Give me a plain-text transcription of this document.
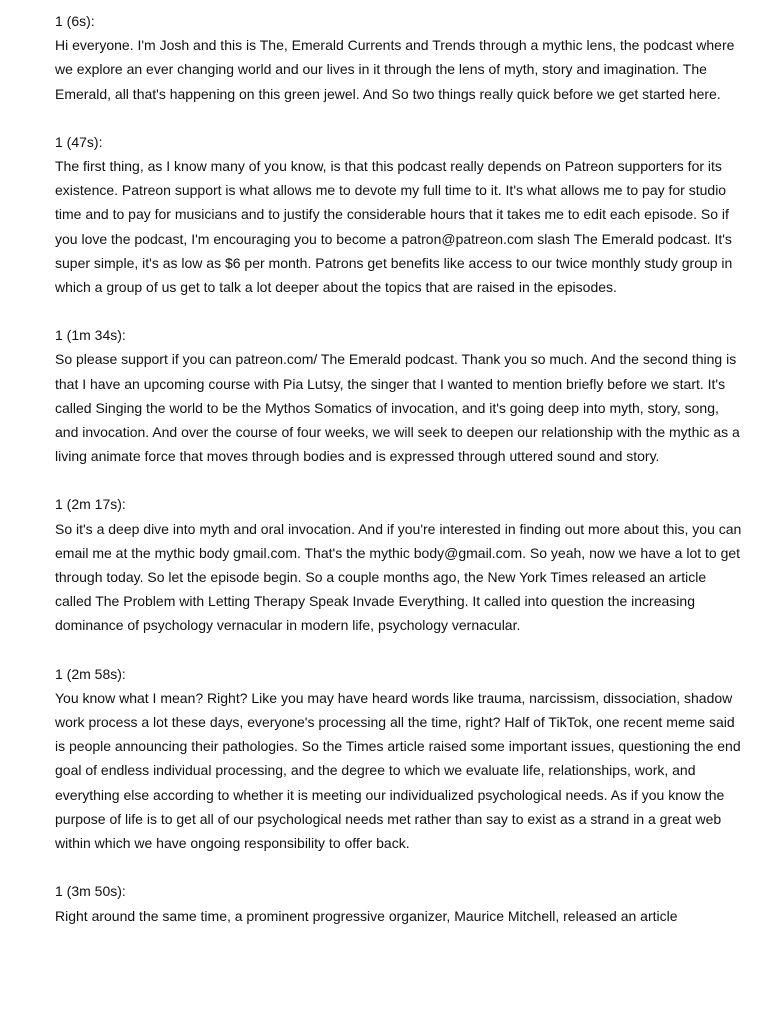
1 (6s):

Hi everyone. I'm Josh and this is The, Emerald Currents and Trends through a mythic lens, the podcast where we explore an ever changing world and our lives in it through the lens of myth, story and imagination. The Emerald, all that's happening on this green jewel. And So two things really quick before we get started here.

1 (47s):

The first thing, as I know many of you know, is that this podcast really depends on Patreon supporters for its existence. Patreon support is what allows me to devote my full time to it. It's what allows me to pay for studio time and to pay for musicians and to justify the considerable hours that it takes me to edit each episode. So if you love the podcast, I'm encouraging you to become a patron@patreon.com slash The Emerald podcast. It's super simple, it's as low as $6 per month. Patrons get benefits like access to our twice monthly study group in which a group of us get to talk a lot deeper about the topics that are raised in the episodes.

1 (1m 34s):

So please support if you can patreon.com/ The Emerald podcast. Thank you so much. And the second thing is that I have an upcoming course with Pia Lutsy, the singer that I wanted to mention briefly before we start. It's called Singing the world to be the Mythos Somatics of invocation, and it's going deep into myth, story, song, and invocation. And over the course of four weeks, we will seek to deepen our relationship with the mythic as a living animate force that moves through bodies and is expressed through uttered sound and story.

1 (2m 17s):

So it's a deep dive into myth and oral invocation. And if you're interested in finding out more about this, you can email me at the mythic body gmail.com. That's the mythic body@gmail.com. So yeah, now we have a lot to get through today. So let the episode begin. So a couple months ago, the New York Times released an article called The Problem with Letting Therapy Speak Invade Everything. It called into question the increasing dominance of psychology vernacular in modern life, psychology vernacular.

1 (2m 58s):

You know what I mean? Right? Like you may have heard words like trauma, narcissism, dissociation, shadow work process a lot these days, everyone's processing all the time, right? Half of TikTok, one recent meme said is people announcing their pathologies. So the Times article raised some important issues, questioning the end goal of endless individual processing, and the degree to which we evaluate life, relationships, work, and everything else according to whether it is meeting our individualized psychological needs. As if you know the purpose of life is to get all of our psychological needs met rather than say to exist as a strand in a great web within which we have ongoing responsibility to offer back.

1 (3m 50s):

Right around the same time, a prominent progressive organizer, Maurice Mitchell, released an article
